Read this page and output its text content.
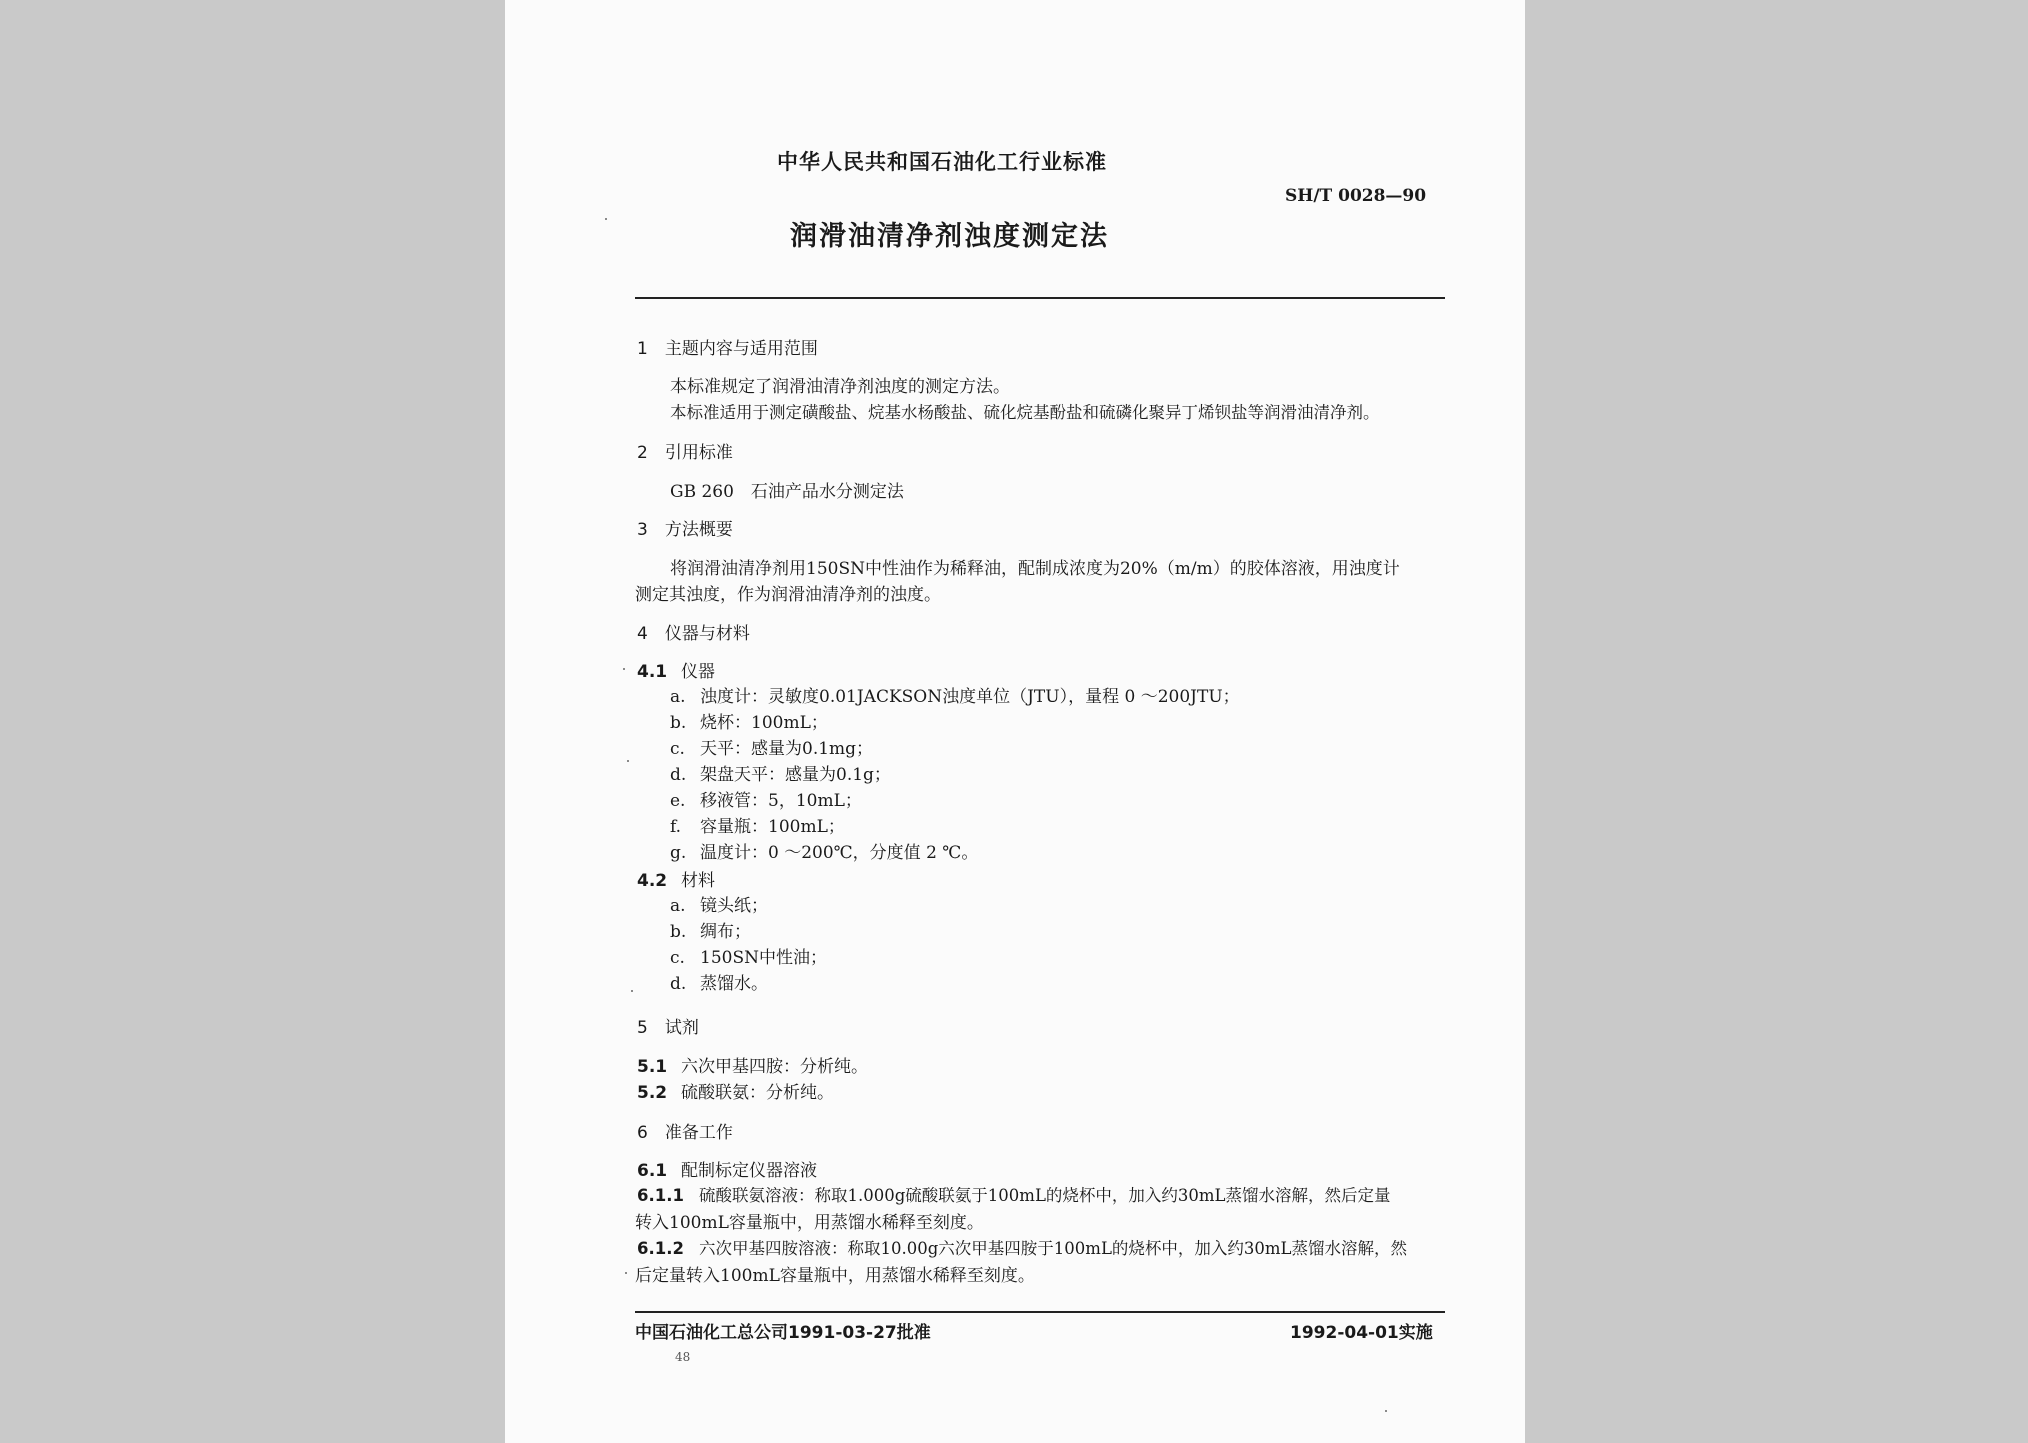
中华人民共和国石油化工行业标准
SH/T 0028—90
润滑油清净剂浊度测定法
1　主题内容与适用范围
本标准规定了润滑油清净剂浊度的测定方法。
本标准适用于测定磺酸盐、烷基水杨酸盐、硫化烷基酚盐和硫磷化聚异丁烯钡盐等润滑油清净剂。
2　引用标准
GB 260　石油产品水分测定法
3　方法概要
将润滑油清净剂用150SN中性油作为稀释油，配制成浓度为20%（m/m）的胶体溶液，用浊度计
测定其浊度，作为润滑油清净剂的浊度。
4　仪器与材料
4.1 仪器
a. 浊度计：灵敏度0.01JACKSON浊度单位（JTU），量程 0 ～200JTU；
b. 烧杯：100mL；
c. 天平：感量为0.1mg；
d. 架盘天平：感量为0.1g；
e. 移液管：5，10mL；
f. 容量瓶：100mL；
g. 温度计：0 ～200℃，分度值 2 ℃。
4.2 材料
a. 镜头纸；
b. 绸布；
c. 150SN中性油；
d. 蒸馏水。
5　试剂
5.1 六次甲基四胺：分析纯。
5.2 硫酸联氨：分析纯。
6　准备工作
6.1 配制标定仪器溶液
6.1.1 硫酸联氨溶液：称取1.000g硫酸联氨于100mL的烧杯中，加入约30mL蒸馏水溶解，然后定量
转入100mL容量瓶中，用蒸馏水稀释至刻度。
6.1.2 六次甲基四胺溶液：称取10.00g六次甲基四胺于100mL的烧杯中，加入约30mL蒸馏水溶解，然
后定量转入100mL容量瓶中，用蒸馏水稀释至刻度。
中国石油化工总公司1991-03-27批准	1992-04-01实施
48
